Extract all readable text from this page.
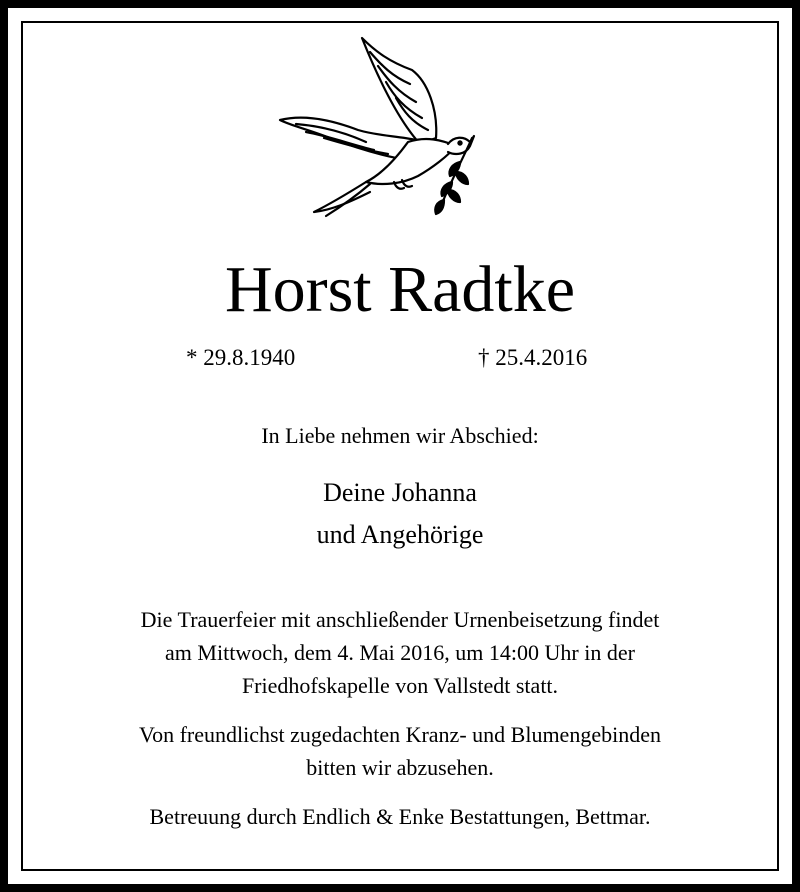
Horst Radtke
* 29.8.1940	† 25.4.2016
In Liebe nehmen wir Abschied:
Deine Johanna
und Angehörige
Die Trauerfeier mit anschließender Urnenbeisetzung findet
am Mittwoch, dem 4. Mai 2016, um 14:00 Uhr in der
Friedhofskapelle von Vallstedt statt.
Von freundlichst zugedachten Kranz- und Blumengebinden
bitten wir abzusehen.
Betreuung durch Endlich & Enke Bestattungen, Bettmar.
